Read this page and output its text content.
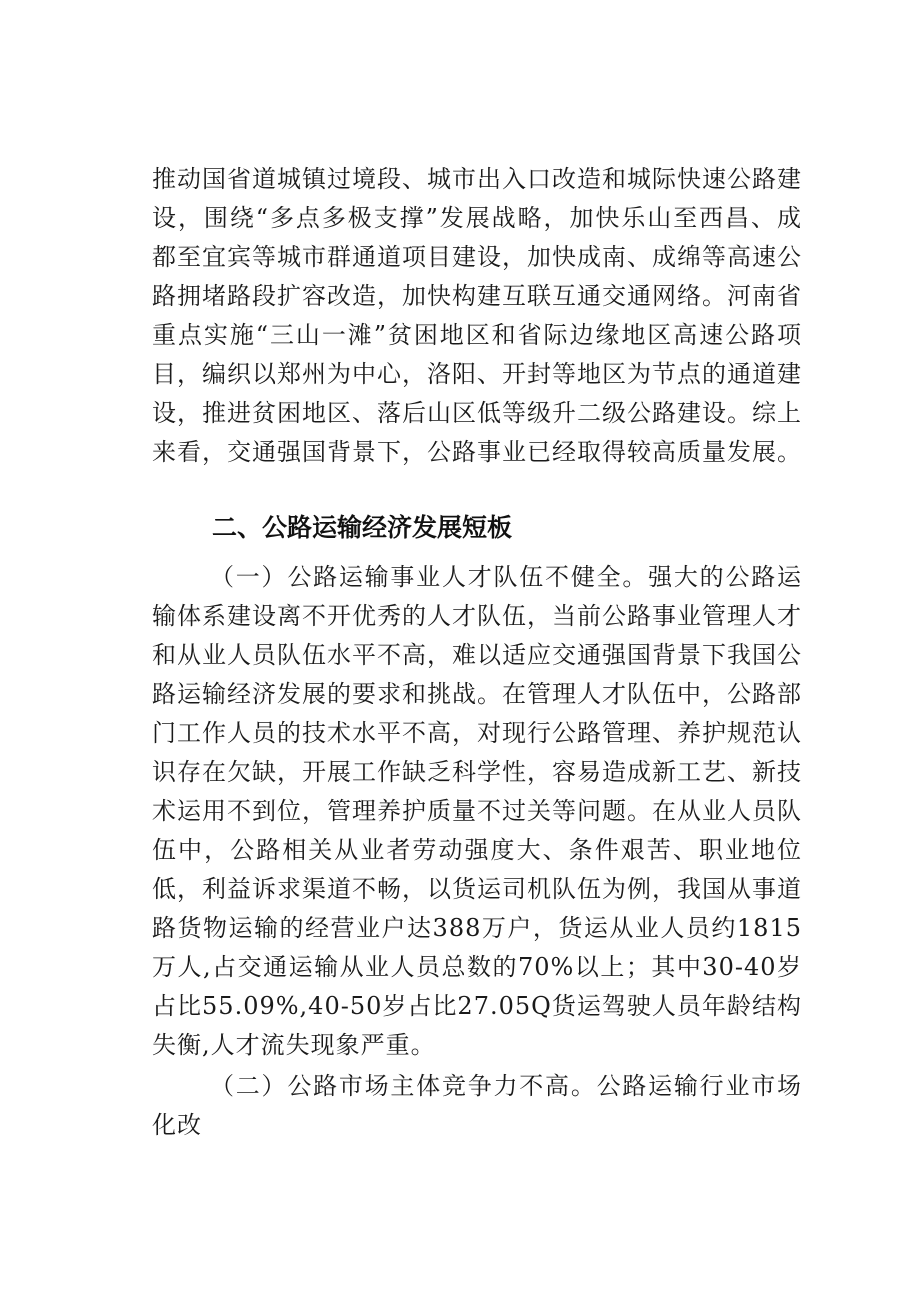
推动国省道城镇过境段、城市出入口改造和城际快速公路建设，围绕“多点多极支撑”发展战略，加快乐山至西昌、成都至宜宾等城市群通道项目建设，加快成南、成绵等高速公路拥堵路段扩容改造，加快构建互联互通交通网络。河南省重点实施“三山一滩”贫困地区和省际边缘地区高速公路项目，编织以郑州为中心，洛阳、开封等地区为节点的通道建设，推进贫困地区、落后山区低等级升二级公路建设。综上来看，交通强国背景下，公路事业已经取得较高质量发展。

二、公路运输经济发展短板

（一）公路运输事业人才队伍不健全。强大的公路运输体系建设离不开优秀的人才队伍，当前公路事业管理人才和从业人员队伍水平不高，难以适应交通强国背景下我国公路运输经济发展的要求和挑战。在管理人才队伍中，公路部门工作人员的技术水平不高，对现行公路管理、养护规范认识存在欠缺，开展工作缺乏科学性，容易造成新工艺、新技术运用不到位，管理养护质量不过关等问题。在从业人员队伍中，公路相关从业者劳动强度大、条件艰苦、职业地位低，利益诉求渠道不畅，以货运司机队伍为例，我国从事道路货物运输的经营业户达388万户，货运从业人员约1815万人,占交通运输从业人员总数的70%以上；其中30-40岁占比55.09%,40-50岁占比27.05Q货运驾驶人员年龄结构失衡,人才流失现象严重。

（二）公路市场主体竞争力不高。公路运输行业市场化改
